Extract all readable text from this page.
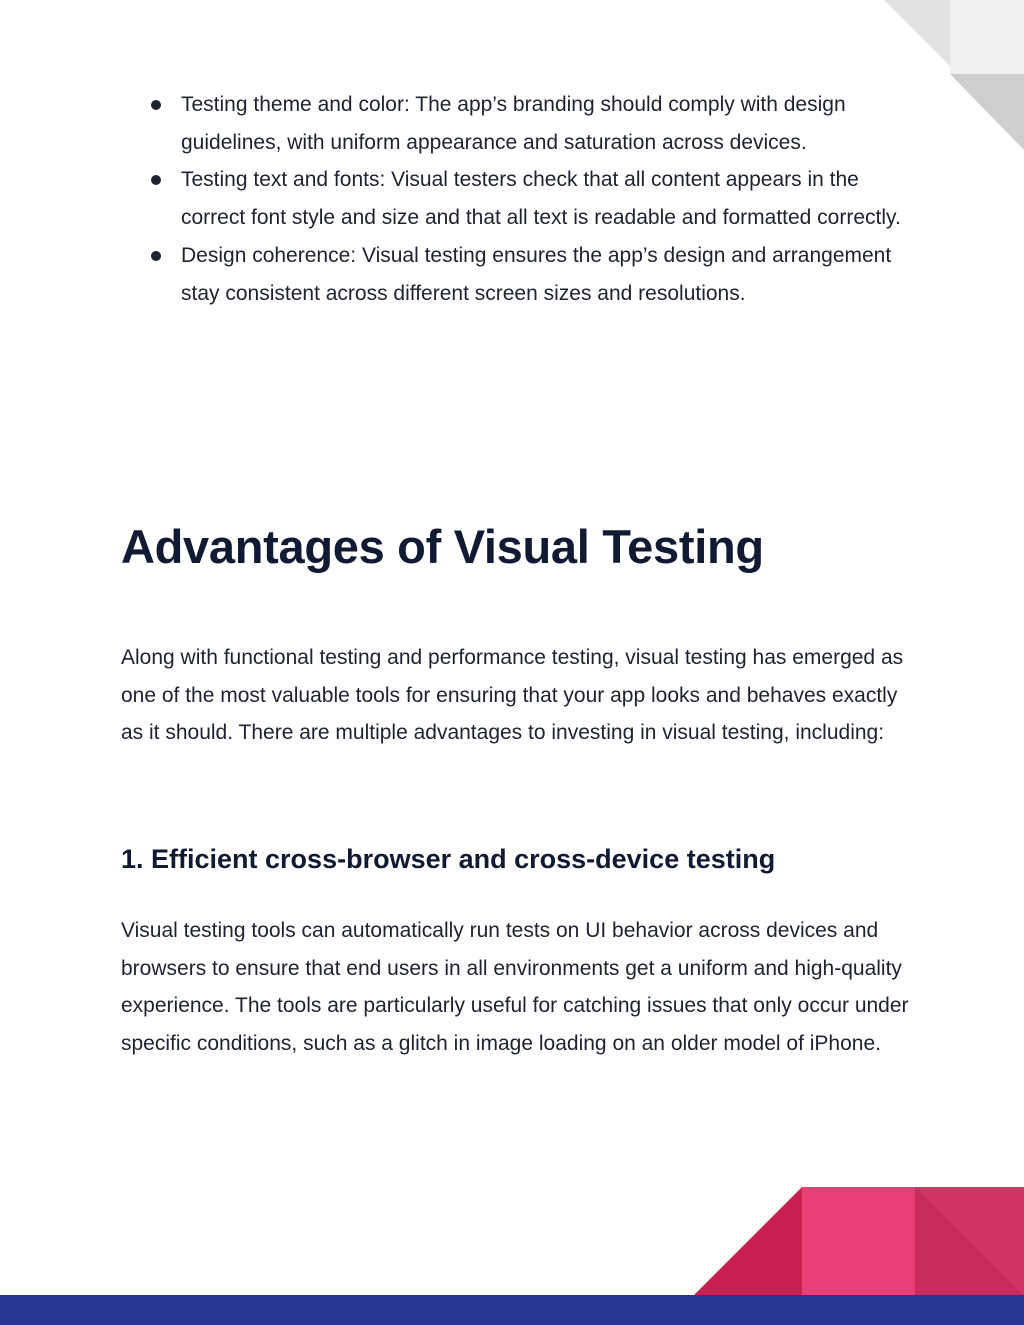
Testing theme and color: The app’s branding should comply with design guidelines, with uniform appearance and saturation across devices.
Testing text and fonts: Visual testers check that all content appears in the correct font style and size and that all text is readable and formatted correctly.
Design coherence: Visual testing ensures the app’s design and arrangement stay consistent across different screen sizes and resolutions.
Advantages of Visual Testing

Along with functional testing and performance testing, visual testing has emerged as one of the most valuable tools for ensuring that your app looks and behaves exactly as it should. There are multiple advantages to investing in visual testing, including:

1. Efficient cross-browser and cross-device testing

Visual testing tools can automatically run tests on UI behavior across devices and browsers to ensure that end users in all environments get a uniform and high-quality experience. The tools are particularly useful for catching issues that only occur under specific conditions, such as a glitch in image loading on an older model of iPhone.
